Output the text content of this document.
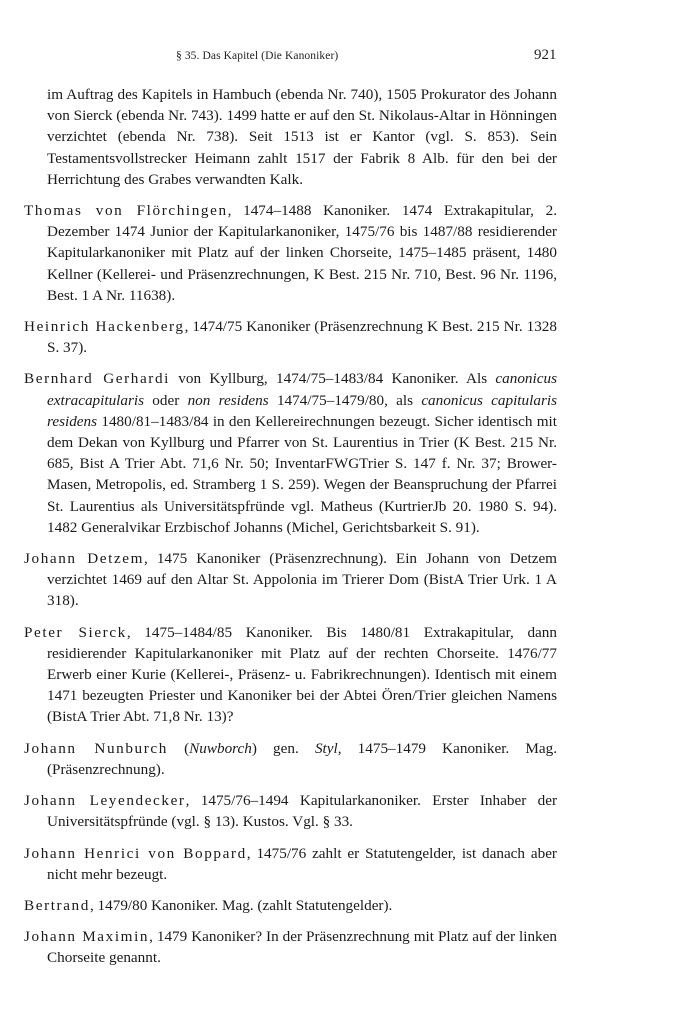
§ 35. Das Kapitel (Die Kanoniker)	921

im Auftrag des Kapitels in Hambuch (ebenda Nr. 740), 1505 Prokurator des Johann von Sierck (ebenda Nr. 743). 1499 hatte er auf den St. Nikolaus-Altar in Hönningen verzichtet (ebenda Nr. 738). Seit 1513 ist er Kantor (vgl. S. 853). Sein Testamentsvollstrecker Heimann zahlt 1517 der Fabrik 8 Alb. für den bei der Herrichtung des Grabes verwandten Kalk.

Thomas von Flörchingen, 1474–1488 Kanoniker. 1474 Extrakapitular, 2. Dezember 1474 Junior der Kapitularkanoniker, 1475/76 bis 1487/88 residierender Kapitularkanoniker mit Platz auf der linken Chorseite, 1475–1485 präsent, 1480 Kellner (Kellerei- und Präsenzrechnungen, K Best. 215 Nr. 710, Best. 96 Nr. 1196, Best. 1 A Nr. 11638).

Heinrich Hackenberg, 1474/75 Kanoniker (Präsenzrechnung K Best. 215 Nr. 1328 S. 37).

Bernhard Gerhardi von Kyllburg, 1474/75–1483/84 Kanoniker. Als canonicus extracapitularis oder non residens 1474/75–1479/80, als canonicus capitularis residens 1480/81–1483/84 in den Kellereirechnungen bezeugt. Sicher identisch mit dem Dekan von Kyllburg und Pfarrer von St. Laurentius in Trier (K Best. 215 Nr. 685, Bist A Trier Abt. 71,6 Nr. 50; InventarFWGTrier S. 147 f. Nr. 37; Brower-Masen, Metropolis, ed. Stramberg 1 S. 259). Wegen der Beanspruchung der Pfarrei St. Laurentius als Universitätspfründe vgl. Matheus (KurtrierJb 20. 1980 S. 94). 1482 Generalvikar Erzbischof Johanns (Michel, Gerichtsbarkeit S. 91).

Johann Detzem, 1475 Kanoniker (Präsenzrechnung). Ein Johann von Detzem verzichtet 1469 auf den Altar St. Appolonia im Trierer Dom (BistA Trier Urk. 1 A 318).

Peter Sierck, 1475–1484/85 Kanoniker. Bis 1480/81 Extrakapitular, dann residierender Kapitularkanoniker mit Platz auf der rechten Chorseite. 1476/77 Erwerb einer Kurie (Kellerei-, Präsenz- u. Fabrikrechnungen). Identisch mit einem 1471 bezeugten Priester und Kanoniker bei der Abtei Ören/Trier gleichen Namens (BistA Trier Abt. 71,8 Nr. 13)?

Johann Nunburch (Nuwborch) gen. Styl, 1475–1479 Kanoniker. Mag. (Präsenzrechnung).

Johann Leyendecker, 1475/76–1494 Kapitularkanoniker. Erster Inhaber der Universitätspfründe (vgl. § 13). Kustos. Vgl. § 33.

Johann Henrici von Boppard, 1475/76 zahlt er Statutengelder, ist danach aber nicht mehr bezeugt.

Bertrand, 1479/80 Kanoniker. Mag. (zahlt Statutengelder).

Johann Maximin, 1479 Kanoniker? In der Präsenzrechnung mit Platz auf der linken Chorseite genannt.
